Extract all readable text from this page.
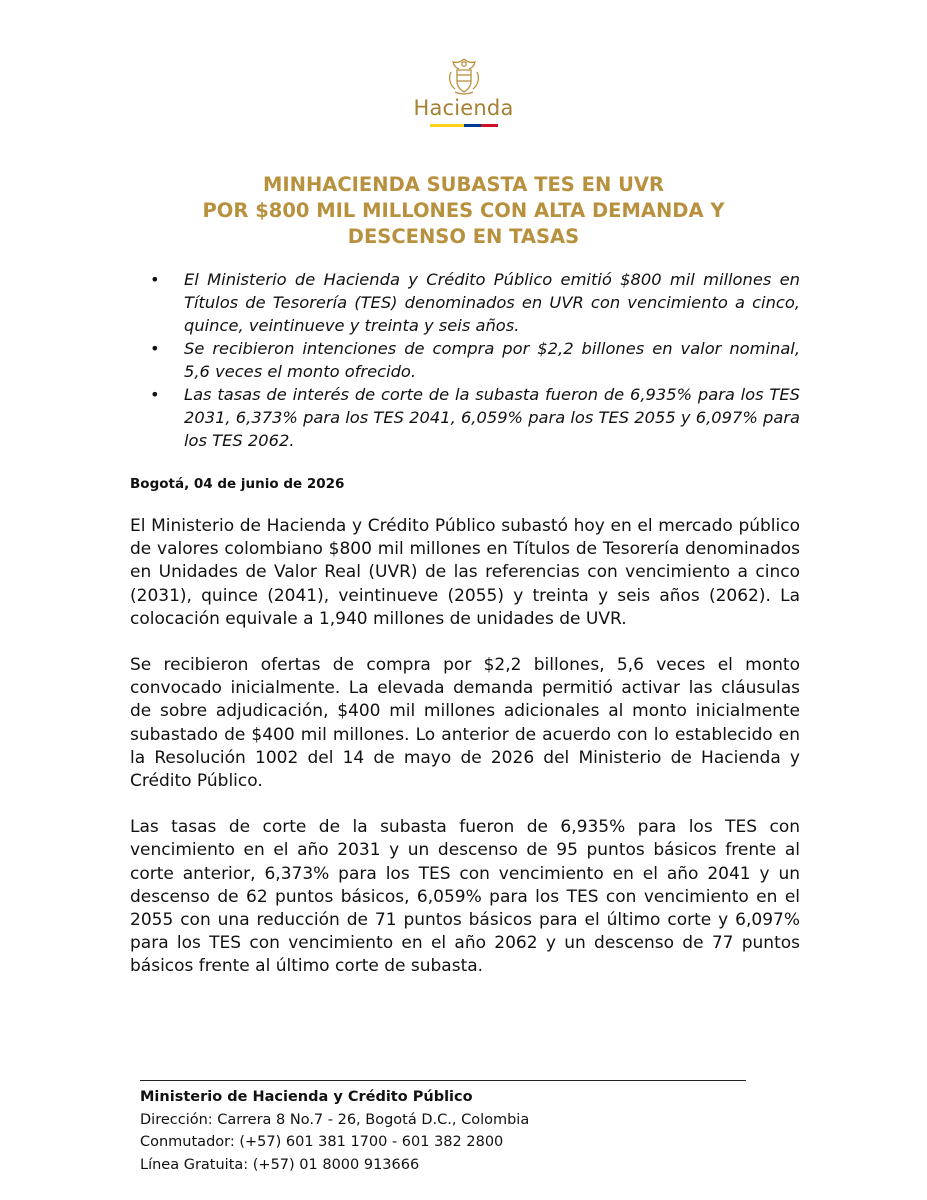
Hacienda
MINHACIENDA SUBASTA TES EN UVR
POR $800 MIL MILLONES CON ALTA DEMANDA Y
DESCENSO EN TASAS
• El Ministerio de Hacienda y Crédito Público emitió $800 mil millones en Títulos de Tesorería (TES) denominados en UVR con vencimiento a cinco, quince, veintinueve y treinta y seis años.
• Se recibieron intenciones de compra por $2,2 billones en valor nominal, 5,6 veces el monto ofrecido.
• Las tasas de interés de corte de la subasta fueron de 6,935% para los TES 2031, 6,373% para los TES 2041, 6,059% para los TES 2055 y 6,097% para los TES 2062.
Bogotá, 04 de junio de 2026

El Ministerio de Hacienda y Crédito Público subastó hoy en el mercado público de valores colombiano $800 mil millones en Títulos de Tesorería denominados en Unidades de Valor Real (UVR) de las referencias con vencimiento a cinco (2031), quince (2041), veintinueve (2055) y treinta y seis años (2062). La colocación equivale a 1,940 millones de unidades de UVR.

Se recibieron ofertas de compra por $2,2 billones, 5,6 veces el monto convocado inicialmente. La elevada demanda permitió activar las cláusulas de sobre adjudicación, $400 mil millones adicionales al monto inicialmente subastado de $400 mil millones. Lo anterior de acuerdo con lo establecido en la Resolución 1002 del 14 de mayo de 2026 del Ministerio de Hacienda y Crédito Público.

Las tasas de corte de la subasta fueron de 6,935% para los TES con vencimiento en el año 2031 y un descenso de 95 puntos básicos frente al corte anterior, 6,373% para los TES con vencimiento en el año 2041 y un descenso de 62 puntos básicos, 6,059% para los TES con vencimiento en el 2055 con una reducción de 71 puntos básicos para el último corte y 6,097% para los TES con vencimiento en el año 2062 y un descenso de 77 puntos básicos frente al último corte de subasta.

Ministerio de Hacienda y Crédito Público
Dirección: Carrera 8 No.7 - 26, Bogotá D.C., Colombia
Conmutador: (+57) 601 381 1700 - 601 382 2800
Línea Gratuita: (+57) 01 8000 913666
